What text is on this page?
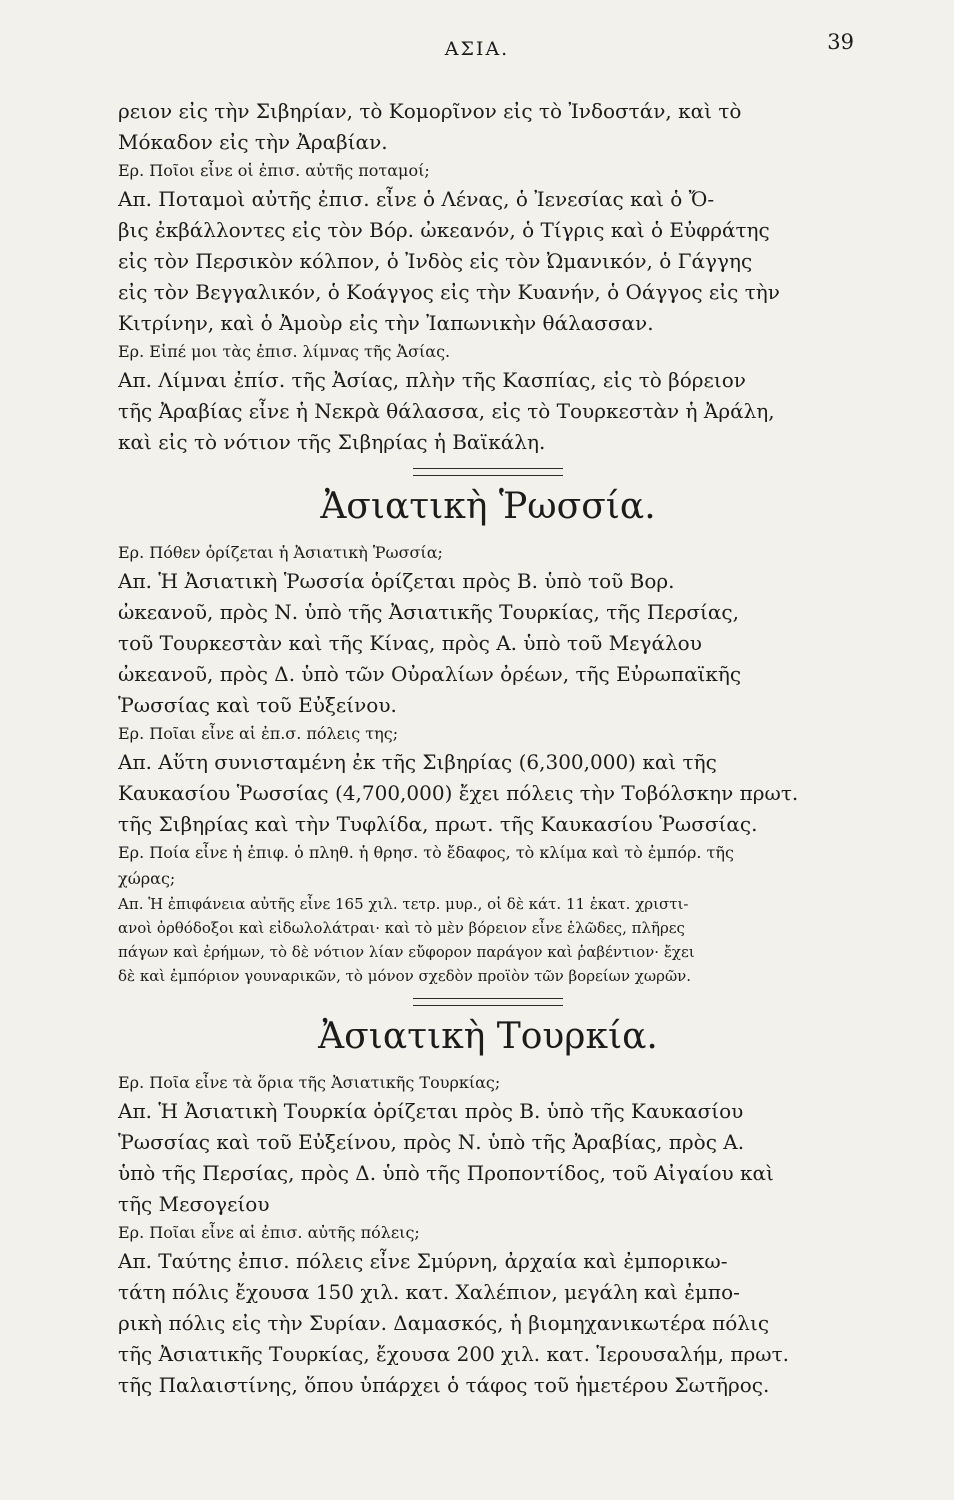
ΑΣΙΑ.	39
ρειον εἰς τὴν Σιβηρίαν, τὸ Κομορῖνον εἰς τὸ Ἰνδοστάν, καὶ τὸ
Μόκαδον εἰς τὴν Ἀραβίαν.
Ερ. Ποῖοι εἶνε οἱ ἐπισ. αὐτῆς ποταμοί;
Απ. Ποταμοὶ αὐτῆς ἐπισ. εἶνε ὁ Λένας, ὁ Ἰενεσίας καὶ ὁ Ὄ-
βις ἐκβάλλοντες εἰς τὸν Βόρ. ὠκεανόν, ὁ Τίγρις καὶ ὁ Εὐφράτης
εἰς τὸν Περσικὸν κόλπον, ὁ Ἰνδὸς εἰς τὸν Ὠμανικόν, ὁ Γάγγης
εἰς τὸν Βεγγαλικόν, ὁ Κοάγγος εἰς τὴν Κυανήν, ὁ Οάγγος εἰς τὴν
Κιτρίνην, καὶ ὁ Ἀμοὺρ εἰς τὴν Ἰαπωνικὴν θάλασσαν.
Ερ. Εἰπέ μοι τὰς ἐπισ. λίμνας τῆς Ἀσίας.
Απ. Λίμναι ἐπίσ. τῆς Ἀσίας, πλὴν τῆς Κασπίας, εἰς τὸ βόρειον
τῆς Ἀραβίας εἶνε ἡ Νεκρὰ θάλασσα, εἰς τὸ Τουρκεστὰν ἡ Ἀράλη,
καὶ εἰς τὸ νότιον τῆς Σιβηρίας ἡ Βαϊκάλη.
Ἀσιατικὴ Ῥωσσία.
Ερ. Πόθεν ὁρίζεται ἡ Ἀσιατικὴ Ῥωσσία;
Απ. Ἡ Ἀσιατικὴ Ῥωσσία ὁρίζεται πρὸς Β. ὑπὸ τοῦ Βορ.
ὠκεανοῦ, πρὸς Ν. ὑπὸ τῆς Ἀσιατικῆς Τουρκίας, τῆς Περσίας,
τοῦ Τουρκεστὰν καὶ τῆς Κίνας, πρὸς Α. ὑπὸ τοῦ Μεγάλου
ὠκεανοῦ, πρὸς Δ. ὑπὸ τῶν Οὐραλίων ὀρέων, τῆς Εὐρωπαϊκῆς
Ῥωσσίας καὶ τοῦ Εὐξείνου.
Ερ. Ποῖαι εἶνε αἱ ἐπ.σ. πόλεις της;
Απ. Αὕτη συνισταμένη ἐκ τῆς Σιβηρίας (6,300,000) καὶ τῆς
Καυκασίου Ῥωσσίας (4,700,000) ἔχει πόλεις τὴν Τοβόλσκην πρωτ.
τῆς Σιβηρίας καὶ τὴν Τυφλίδα, πρωτ. τῆς Καυκασίου Ῥωσσίας.
Ερ. Ποία εἶνε ἡ ἐπιφ. ὁ πληθ. ἡ θρησ. τὸ ἔδαφος, τὸ κλίμα καὶ τὸ ἐμπόρ. τῆς
χώρας;
Απ. Ἡ ἐπιφάνεια αὐτῆς εἶνε 165 χιλ. τετρ. μυρ., οἱ δὲ κάτ. 11 ἑκατ. χριστι-
ανοὶ ὀρθόδοξοι καὶ εἰδωλολάτραι· καὶ τὸ μὲν βόρειον εἶνε ἑλῶδες, πλῆρες
πάγων καὶ ἐρήμων, τὸ δὲ νότιον λίαν εὔφορον παράγον καὶ ῥαβέντιον· ἔχει
δὲ καὶ ἐμπόριον γουναρικῶν, τὸ μόνον σχεδὸν προϊὸν τῶν βορείων χωρῶν.
Ἀσιατικὴ Τουρκία.
Ερ. Ποῖα εἶνε τὰ ὅρια τῆς Ἀσιατικῆς Τουρκίας;
Απ. Ἡ Ἀσιατικὴ Τουρκία ὁρίζεται πρὸς Β. ὑπὸ τῆς Καυκασίου
Ῥωσσίας καὶ τοῦ Εὐξείνου, πρὸς Ν. ὑπὸ τῆς Ἀραβίας, πρὸς Α.
ὑπὸ τῆς Περσίας, πρὸς Δ. ὑπὸ τῆς Προποντίδος, τοῦ Αἰγαίου καὶ
τῆς Μεσογείου
Ερ. Ποῖαι εἶνε αἱ ἐπισ. αὐτῆς πόλεις;
Απ. Ταύτης ἐπισ. πόλεις εἶνε Σμύρνη, ἀρχαία καὶ ἐμπορικω-
τάτη πόλις ἔχουσα 150 χιλ. κατ. Χαλέπιον, μεγάλη καὶ ἐμπο-
ρικὴ πόλις εἰς τὴν Συρίαν. Δαμασκός, ἡ βιομηχανικωτέρα πόλις
τῆς Ἀσιατικῆς Τουρκίας, ἔχουσα 200 χιλ. κατ. Ἱερουσαλήμ, πρωτ.
τῆς Παλαιστίνης, ὅπου ὑπάρχει ὁ τάφος τοῦ ἡμετέρου Σωτῆρος.
